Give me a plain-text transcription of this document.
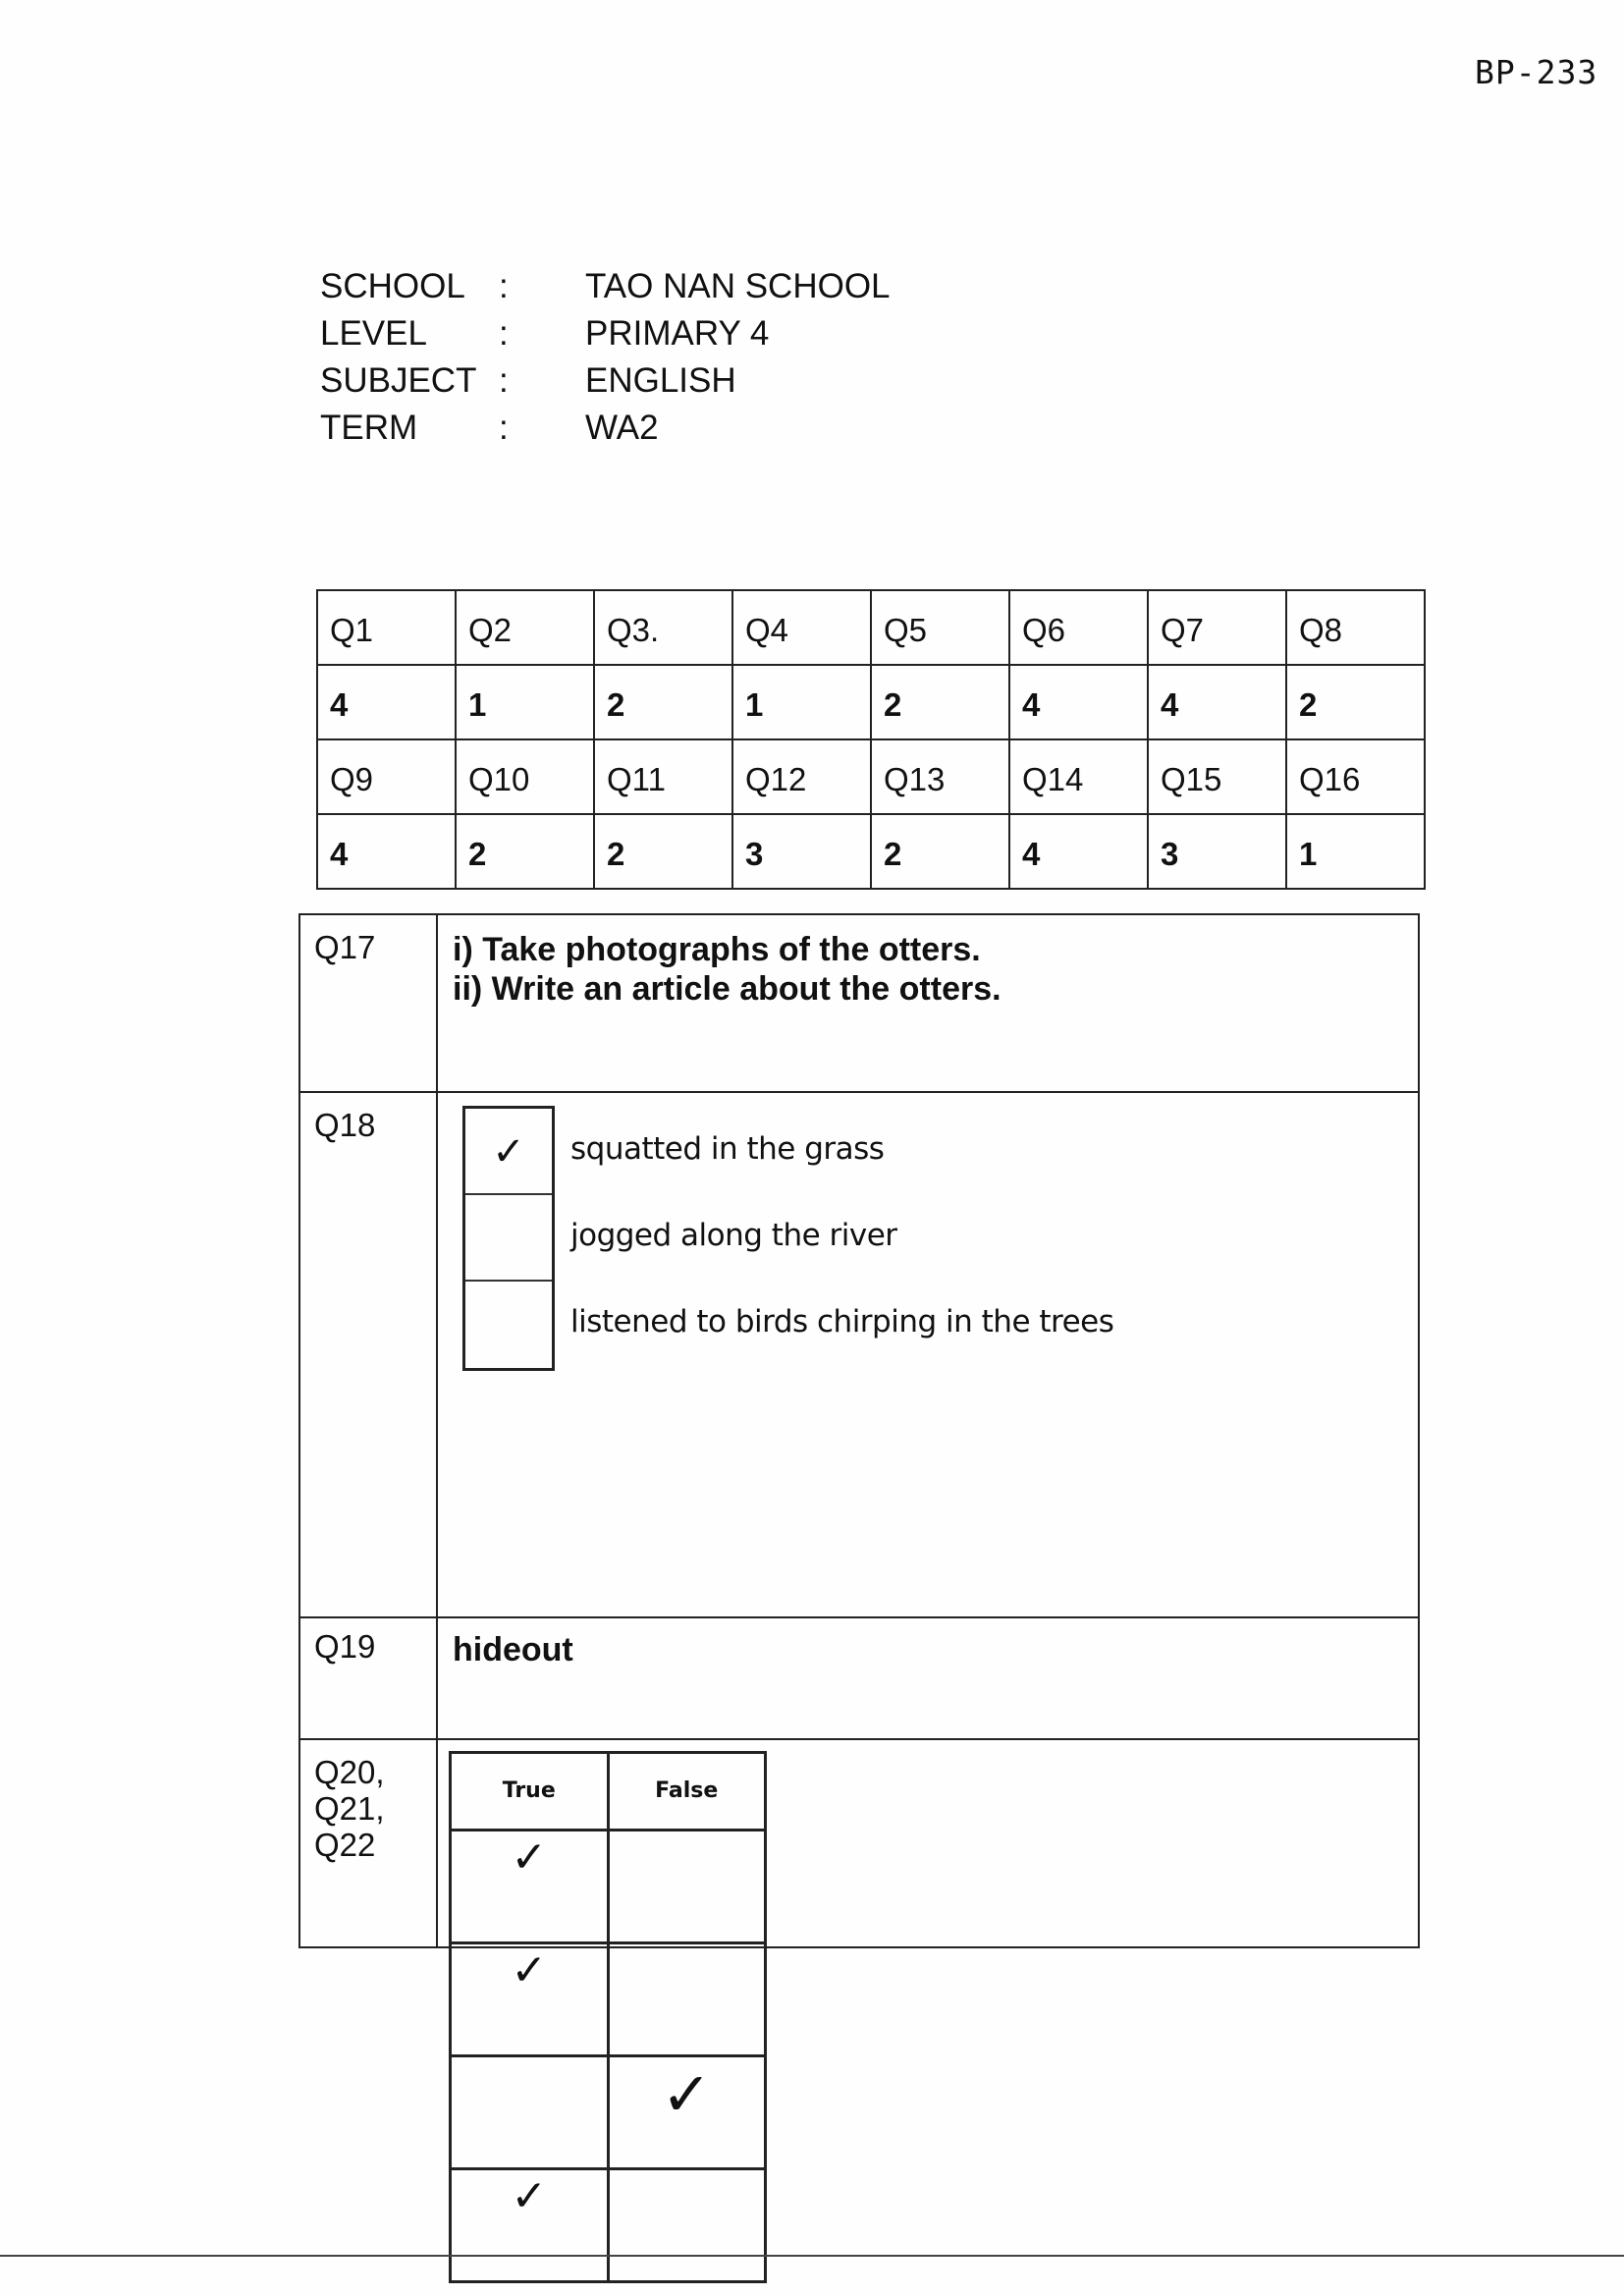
BP-233
SCHOOL :	TAO NAN SCHOOL
LEVEL	:	PRIMARY 4
SUBJECT :	ENGLISH
TERM	:	WA2
Q1	Q2	Q3.	Q4	Q5	Q6	Q7	Q8
4	1	2	1	2	4	4	2
Q9	Q10	Q11	Q12	Q13	Q14	Q15	Q16
4	2	2	3	2	4	3	1
Q17	i) Take photographs of the otters.
ii) Write an article about the otters.

Q18	
✓	squatted in the grass
jogged along the river
listened to birds chirping in the trees

Q19	hideout

Q20,
Q21,
Q22	
True	False
✓	
✓	
	✓
✓	
